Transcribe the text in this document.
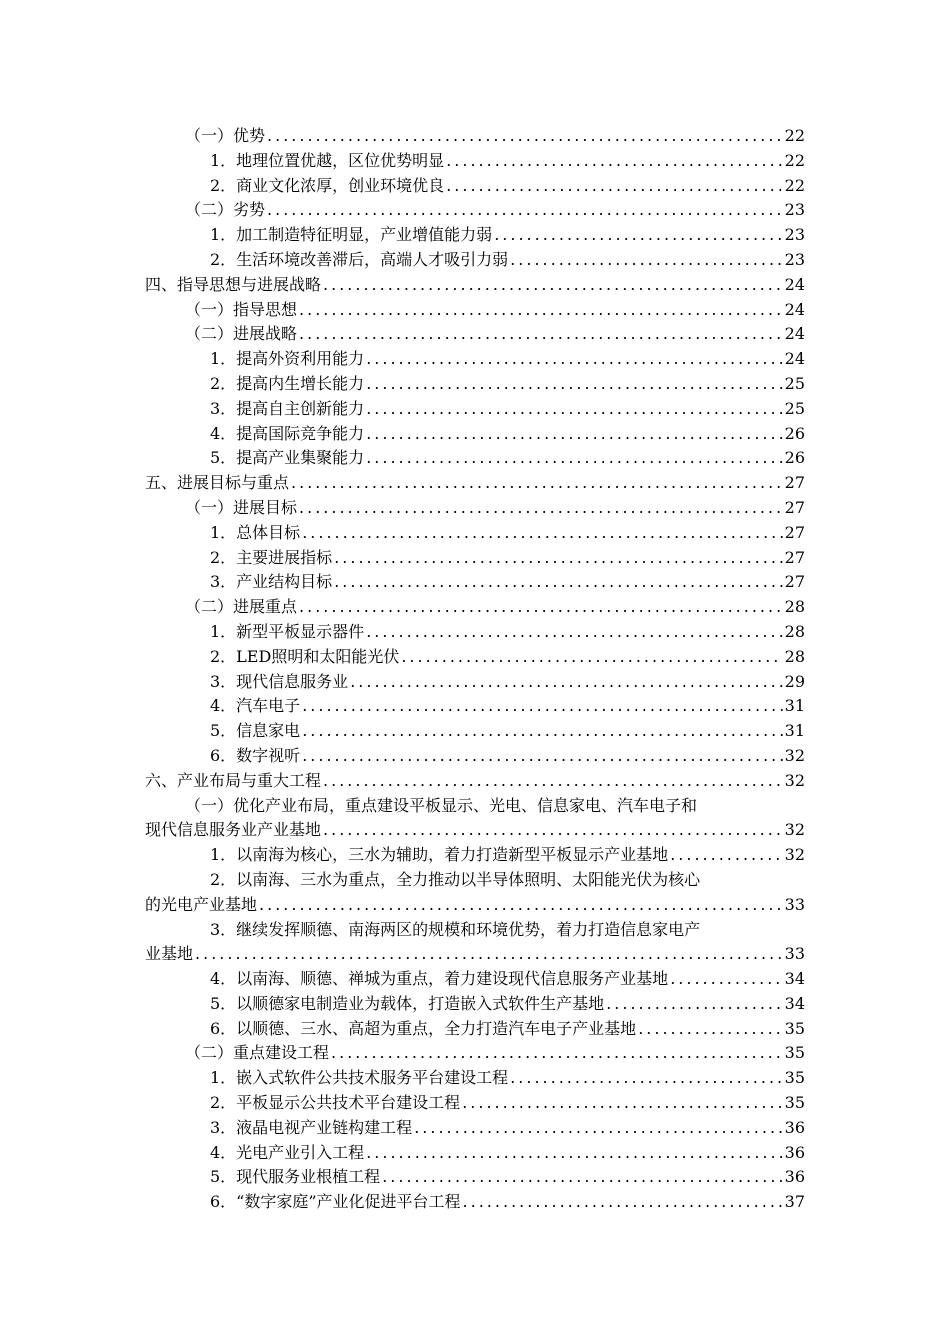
（一）优势 .....	22
1．地理位置优越，区位优势明显 .....	22
2．商业文化浓厚，创业环境优良 .....	22
（二）劣势 .....	23
1．加工制造特征明显，产业增值能力弱 .....	23
2．生活环境改善滞后，高端人才吸引力弱 .....	23
四、指导思想与进展战略 .....	24
（一）指导思想 .....	24
（二）进展战略 .....	24
1．提高外资利用能力 .....	24
2．提高内生增长能力 .....	25
3．提高自主创新能力 .....	25
4．提高国际竞争能力 .....	26
5．提高产业集聚能力 .....	26
五、进展目标与重点 .....	27
（一）进展目标 .....	27
1．总体目标 .....	27
2．主要进展指标 .....	27
3．产业结构目标 .....	27
（二）进展重点 .....	28
1．新型平板显示器件 .....	28
2．LED照明和太阳能光伏 .....	28
3．现代信息服务业 .....	29
4．汽车电子 .....	31
5．信息家电 .....	31
6．数字视听 .....	32
六、产业布局与重大工程 .....	32
（一）优化产业布局，重点建设平板显示、光电、信息家电、汽车电子和
现代信息服务业产业基地 .....	32
1．以南海为核心，三水为辅助，着力打造新型平板显示产业基地 .....	32
2．以南海、三水为重点，全力推动以半导体照明、太阳能光伏为核心
的光电产业基地 .....	33
3．继续发挥顺德、南海两区的规模和环境优势，着力打造信息家电产
业基地 .....	33
4．以南海、顺德、禅城为重点，着力建设现代信息服务产业基地 .....	34
5．以顺德家电制造业为载体，打造嵌入式软件生产基地 .....	34
6．以顺德、三水、高超为重点，全力打造汽车电子产业基地 .....	35
（二）重点建设工程 .....	35
1．嵌入式软件公共技术服务平台建设工程 .....	35
2．平板显示公共技术平台建设工程 .....	35
3．液晶电视产业链构建工程 .....	36
4．光电产业引入工程 .....	36
5．现代服务业根植工程 .....	36
6．“数字家庭”产业化促进平台工程 .....	37
